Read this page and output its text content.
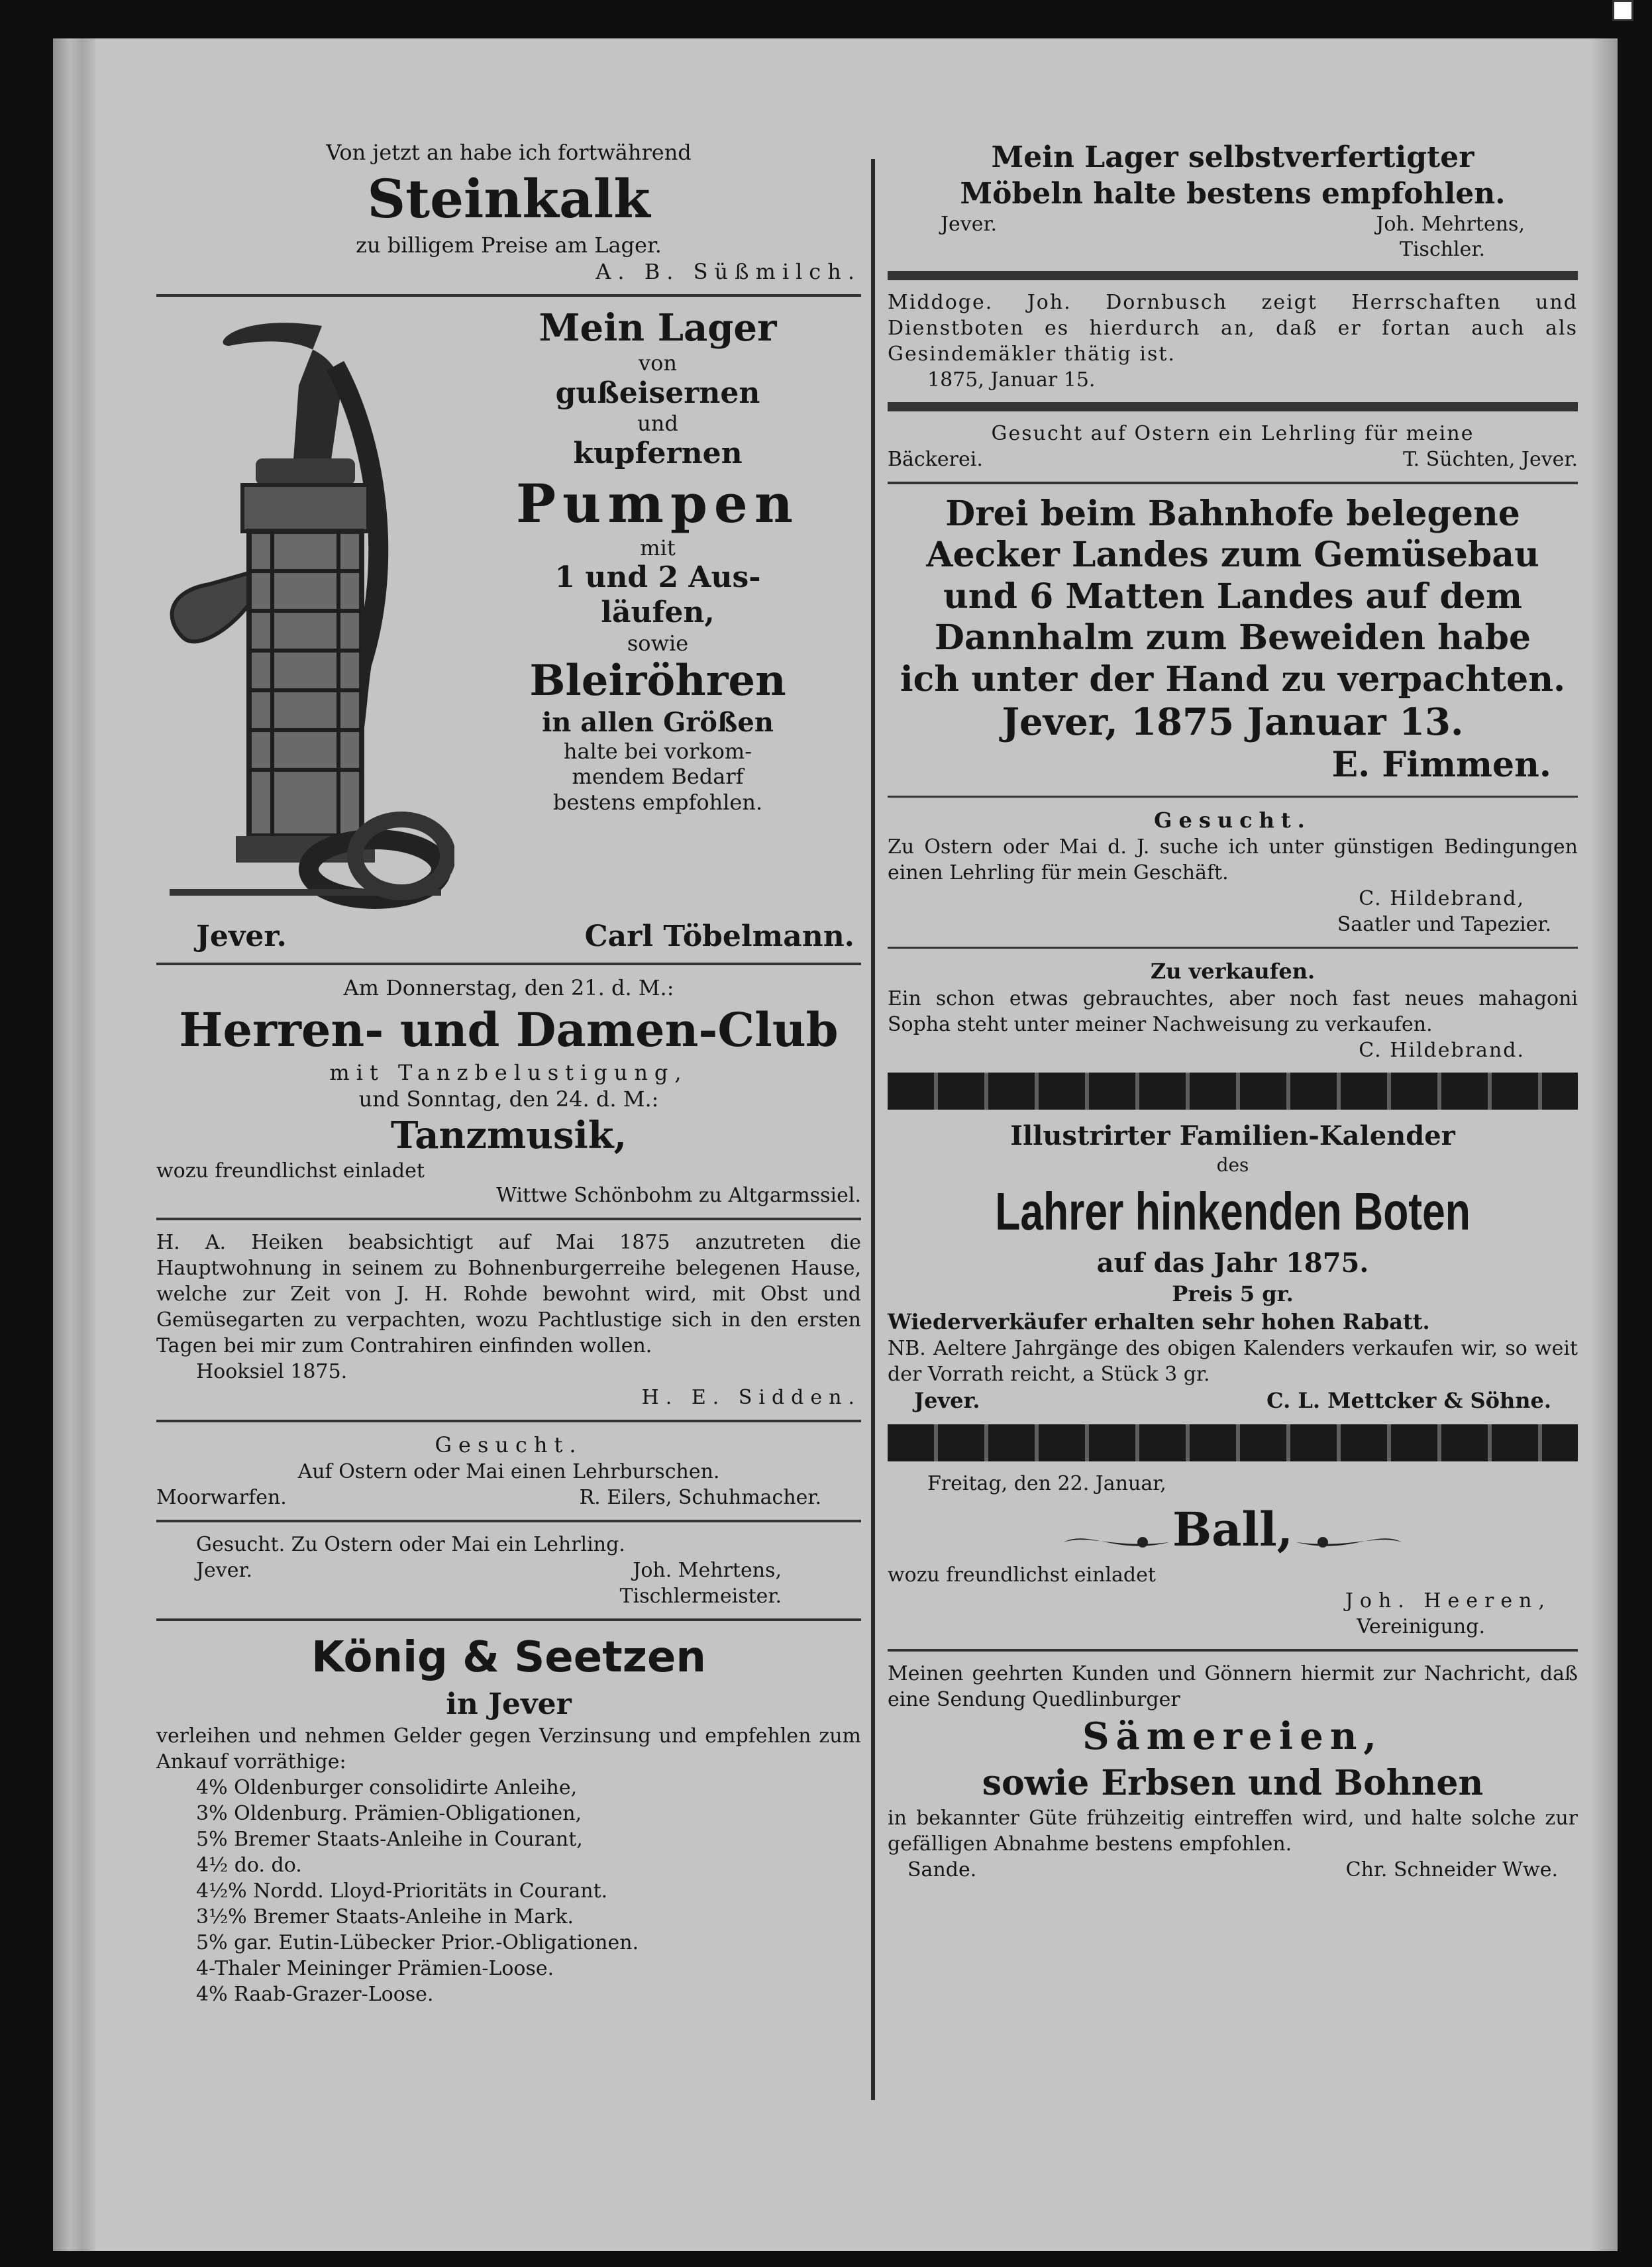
Von jetzt an habe ich fortwährend
Steinkalk
zu billigem Preise am Lager.
A. B. Süßmilch.
Mein Lager
von
gußeisernen
und
kupfernen
Pumpen
mit
1 und 2 Aus-
läufen,
sowie
Bleiröhren
in allen Größen
halte bei vorkom-
mendem Bedarf
bestens empfohlen.
Jever.	Carl Töbelmann.
Am Donnerstag, den 21. d. M.:
Herren- und Damen-Club
mit Tanzbelustigung,
und Sonntag, den 24. d. M.:
Tanzmusik,
wozu freundlichst einladet
Wittwe Schönbohm zu Altgarmssiel.
H. A. Heiken beabsichtigt auf Mai 1875 anzutreten die Hauptwohnung in seinem zu Bohnenburgerreihe belegenen Hause, welche zur Zeit von J. H. Rohde bewohnt wird, mit Obst und Gemüsegarten zu verpachten, wozu Pachtlustige sich in den ersten Tagen bei mir zum Contrahiren einfinden wollen.
Hooksiel 1875.
H. E. Sidden.
Gesucht.
Auf Ostern oder Mai einen Lehrburschen.
Moorwarfen.	R. Eilers, Schuhmacher.
Gesucht. Zu Ostern oder Mai ein Lehrling.
Jever.	Joh. Mehrtens,
Tischlermeister.
König & Seetzen
in Jever
verleihen und nehmen Gelder gegen Verzinsung und empfehlen zum Ankauf vorräthige:
4% Oldenburger consolidirte Anleihe,
3% Oldenburg. Prämien-Obligationen,
5% Bremer Staats-Anleihe in Courant,
4½ do. do.
4½% Nordd. Lloyd-Prioritäts in Courant.
3½% Bremer Staats-Anleihe in Mark.
5% gar. Eutin-Lübecker Prior.-Obligationen.
4-Thaler Meininger Prämien-Loose.
4% Raab-Grazer-Loose.
Mein Lager selbstverfertigter
Möbeln halte bestens empfohlen.
Jever.	Joh. Mehrtens,
Tischler.
Middoge. Joh. Dornbusch zeigt Herrschaften und Dienstboten es hierdurch an, daß er fortan auch als Gesindemäkler thätig ist.
1875, Januar 15.
Gesucht auf Ostern ein Lehrling für meine
Bäckerei.	T. Süchten, Jever.
Drei beim Bahnhofe belegene
Aecker Landes zum Gemüsebau
und 6 Matten Landes auf dem
Dannhalm zum Beweiden habe
ich unter der Hand zu verpachten.
Jever, 1875 Januar 13.
E. Fimmen.
Gesucht.
Zu Ostern oder Mai d. J. suche ich unter günstigen Bedingungen einen Lehrling für mein Geschäft.
C. Hildebrand,
Saatler und Tapezier.
Zu verkaufen.
Ein schon etwas gebrauchtes, aber noch fast neues mahagoni Sopha steht unter meiner Nachweisung zu verkaufen.
C. Hildebrand.
Illustrirter Familien-Kalender
des
Lahrer hinkenden Boten
auf das Jahr 1875.
Preis 5 gr.
Wiederverkäufer erhalten sehr hohen Rabatt.
NB. Aeltere Jahrgänge des obigen Kalenders verkaufen wir, so weit der Vorrath reicht, a Stück 3 gr.
Jever.	C. L. Mettcker & Söhne.
Freitag, den 22. Januar,
Ball,
wozu freundlichst einladet
Joh. Heeren,
Vereinigung.
Meinen geehrten Kunden und Gönnern hiermit zur Nachricht, daß eine Sendung Quedlinburger
Sämereien,
sowie Erbsen und Bohnen
in bekannter Güte frühzeitig eintreffen wird, und halte solche zur gefälligen Abnahme bestens empfohlen.
Sande.	Chr. Schneider Wwe.
